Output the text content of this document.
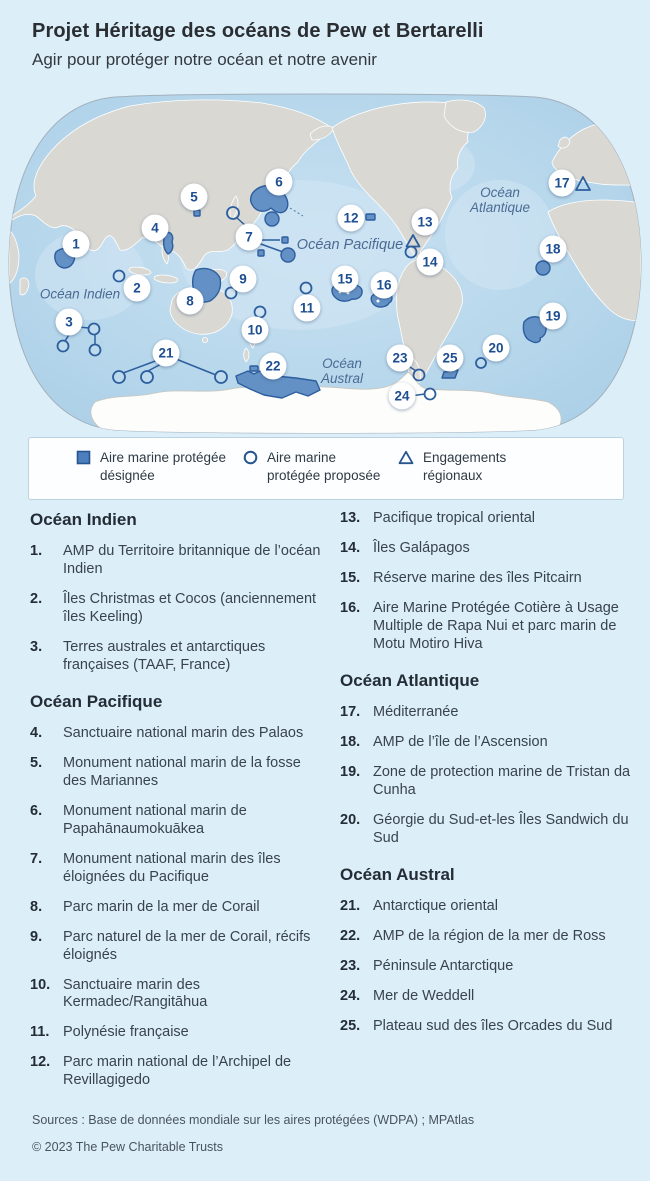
Projet Héritage des océans de Pew et Bertarelli
Agir pour protéger notre océan et notre avenir
Océan Indien
Océan Pacifique
Océan
Atlantique
Océan
Austral
1
2
3
4
5
6
7
8
9
10
11
12	13
14
15 16
17
18
19
20
21
22
23
24
25
Aire marine protégée désignée
Aire marine protégée proposée
Engagements régionaux
Océan Indien
1.	AMP du Territoire britannique de l’océan Indien
2.	Îles Christmas et Cocos (anciennement îles Keeling)
3.	Terres australes et antarctiques françaises (TAAF, France)
Océan Pacifique
4.	Sanctuaire national marin des Palaos
5.	Monument national marin de la fosse des Mariannes
6.	Monument national marin de Papahānaumokuākea
7.	Monument national marin des îles éloignées du Pacifique
8.	Parc marin de la mer de Corail
9.	Parc naturel de la mer de Corail, récifs éloignés
10. Sanctuaire marin des Kermadec/Rangitāhua
11. Polynésie française
12. Parc marin national de l’Archipel de Revillagigedo
13. Pacifique tropical oriental
14. Îles Galápagos
15. Réserve marine des îles Pitcairn
16. Aire Marine Protégée Cotière à Usage Multiple de Rapa Nui et parc marin de Motu Motiro Hiva
Océan Atlantique
17. Méditerranée
18. AMP de l’île de l’Ascension
19. Zone de protection marine de Tristan da Cunha
20. Géorgie du Sud-et-les Îles Sandwich du Sud
Océan Austral
21. Antarctique oriental
22. AMP de la région de la mer de Ross
23. Péninsule Antarctique
24. Mer de Weddell
25. Plateau sud des îles Orcades du Sud
Sources : Base de données mondiale sur les aires protégées (WDPA) ; MPAtlas
© 2023 The Pew Charitable Trusts
